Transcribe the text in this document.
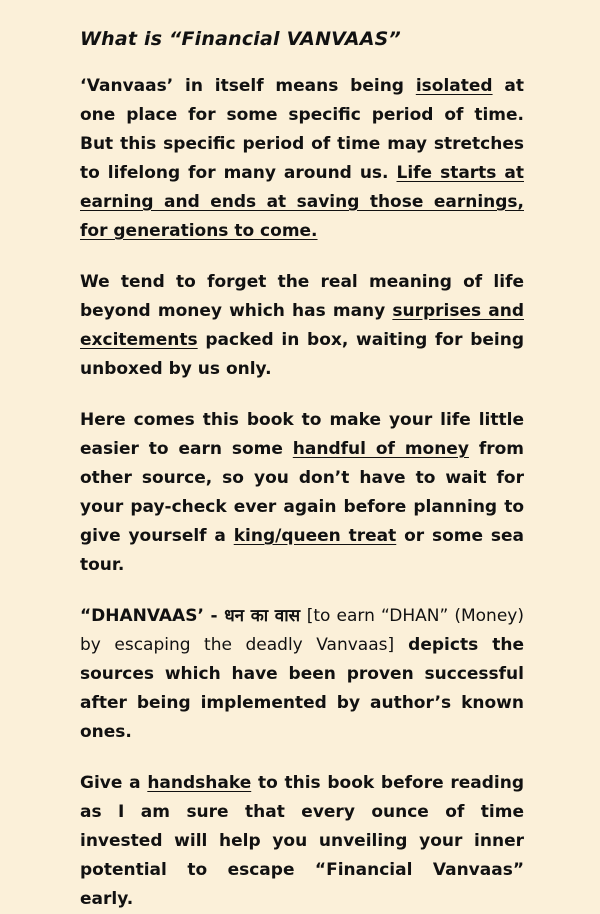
What is “Financial VANVAAS”

‘Vanvaas’ in itself means being isolated at one place for some specific period of time. But this specific period of time may stretches to lifelong for many around us. Life starts at earning and ends at saving those earnings, for generations to come.

We tend to forget the real meaning of life beyond money which has many surprises and excitements packed in box, waiting for being unboxed by us only.

Here comes this book to make your life little easier to earn some handful of money from other source, so you don’t have to wait for your pay-check ever again before planning to give yourself a king/queen treat or some sea tour.

“DHANVAAS’ - धन का वास [to earn “DHAN” (Money) by escaping the deadly Vanvaas] depicts the sources which have been proven successful after being implemented by author’s known ones.

Give a handshake to this book before reading as I am sure that every ounce of time invested will help you unveiling your inner potential to escape “Financial Vanvaas” early.
